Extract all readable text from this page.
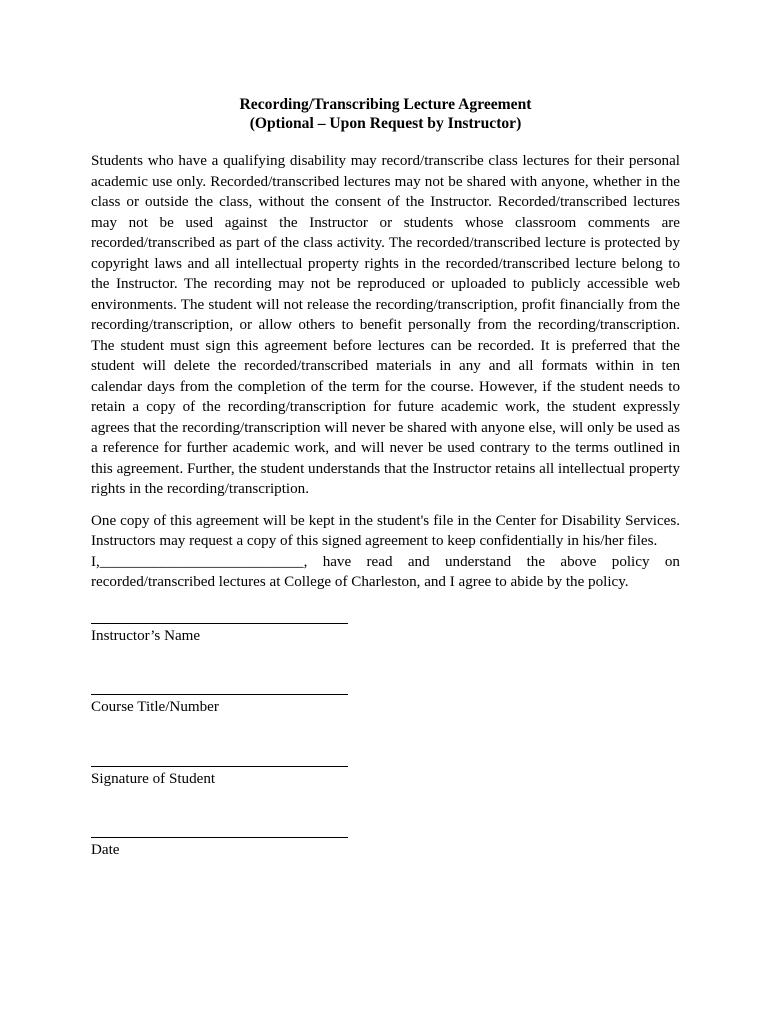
Recording/Transcribing Lecture Agreement

(Optional – Upon Request by Instructor)

Students who have a qualifying disability may record/transcribe class lectures for their personal academic use only. Recorded/transcribed lectures may not be shared with anyone, whether in the class or outside the class, without the consent of the Instructor. Recorded/transcribed lectures may not be used against the Instructor or students whose classroom comments are recorded/transcribed as part of the class activity. The recorded/transcribed lecture is protected by copyright laws and all intellectual property rights in the recorded/transcribed lecture belong to the Instructor. The recording may not be reproduced or uploaded to publicly accessible web environments. The student will not release the recording/transcription, profit financially from the recording/transcription, or allow others to benefit personally from the recording/transcription. The student must sign this agreement before lectures can be recorded. It is preferred that the student will delete the recorded/transcribed materials in any and all formats within in ten calendar days from the completion of the term for the course. However, if the student needs to retain a copy of the recording/transcription for future academic work, the student expressly agrees that the recording/transcription will never be shared with anyone else, will only be used as a reference for further academic work, and will never be used contrary to the terms outlined in this agreement. Further, the student understands that the Instructor retains all intellectual property rights in the recording/transcription.

One copy of this agreement will be kept in the student's file in the Center for Disability Services. Instructors may request a copy of this signed agreement to keep confidentially in his/her files.

I,___________________________, have read and understand the above policy on
recorded/transcribed lectures at College of Charleston, and I agree to abide by the policy.
Instructor’s Name
Course Title/Number
Signature of Student
Date
